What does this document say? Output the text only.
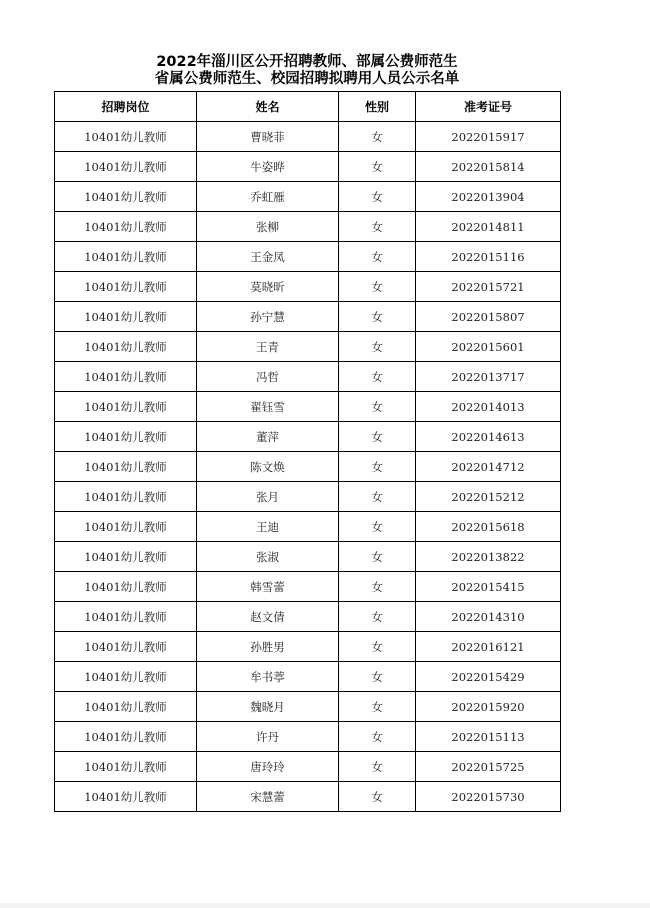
2022年淄川区公开招聘教师、部属公费师范生
省属公费师范生、校园招聘拟聘用人员公示名单
招聘岗位	姓名	性别	准考证号
10401幼儿教师	曹晓菲	女	2022015917
10401幼儿教师	牛姿晔	女	2022015814
10401幼儿教师	乔虹雁	女	2022013904
10401幼儿教师	张柳	女	2022014811
10401幼儿教师	王金凤	女	2022015116
10401幼儿教师	莫晓昕	女	2022015721
10401幼儿教师	孙宁慧	女	2022015807
10401幼儿教师	王青	女	2022015601
10401幼儿教师	冯哲	女	2022013717
10401幼儿教师	翟钰雪	女	2022014013
10401幼儿教师	董萍	女	2022014613
10401幼儿教师	陈文焕	女	2022014712
10401幼儿教师	张月	女	2022015212
10401幼儿教师	王迪	女	2022015618
10401幼儿教师	张淑	女	2022013822
10401幼儿教师	韩雪蕾	女	2022015415
10401幼儿教师	赵文倩	女	2022014310
10401幼儿教师	孙胜男	女	2022016121
10401幼儿教师	牟书葶	女	2022015429
10401幼儿教师	魏晓月	女	2022015920
10401幼儿教师	许丹	女	2022015113
10401幼儿教师	唐玲玲	女	2022015725
10401幼儿教师	宋慧蕾	女	2022015730
